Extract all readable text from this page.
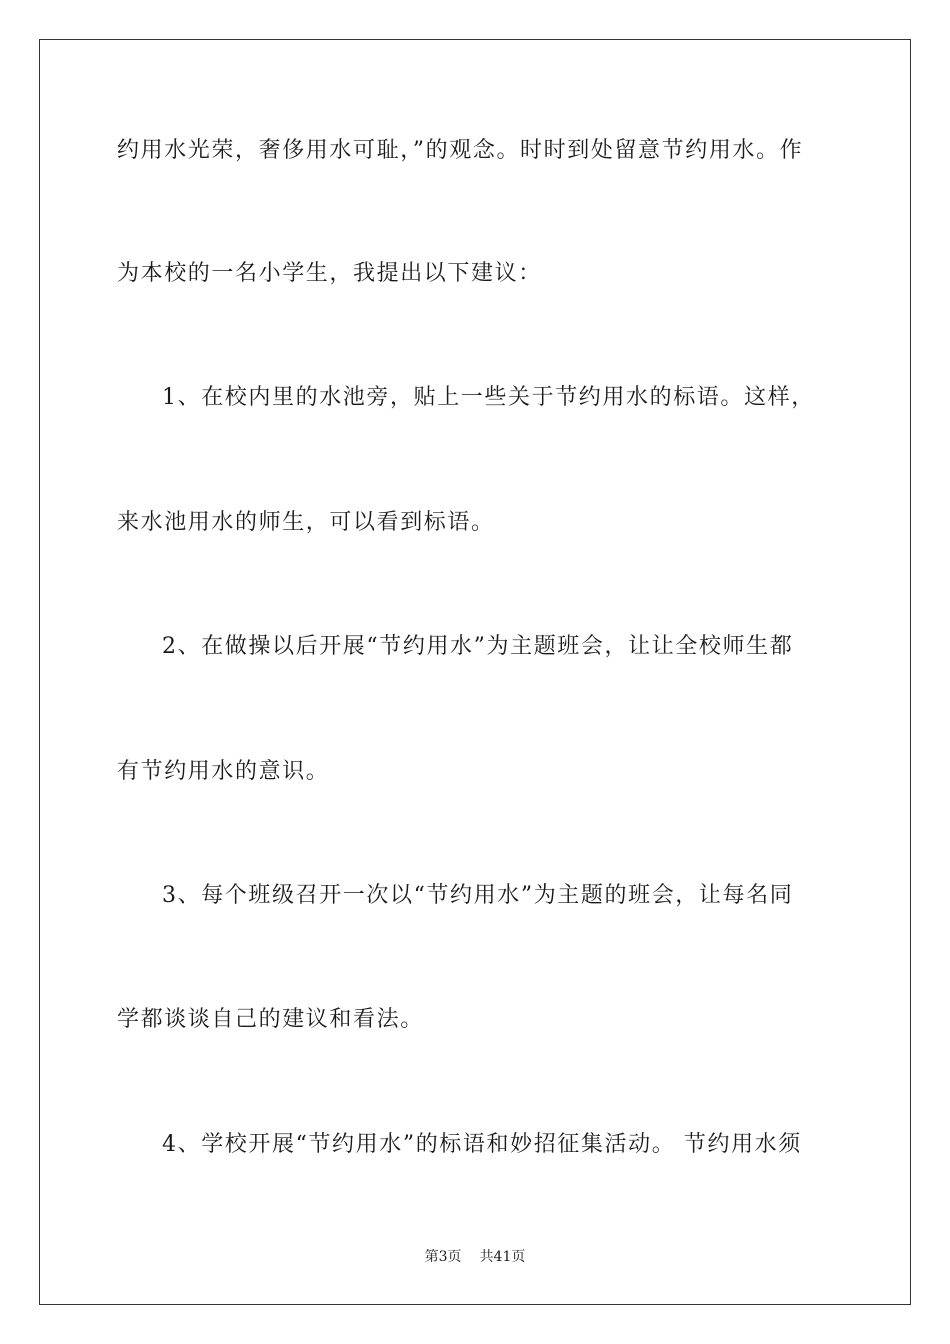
约用水光荣，奢侈用水可耻，”的观念。时时到处留意节约用水。作
为本校的一名小学生，我提出以下建议：
1、在校内里的水池旁，贴上一些关于节约用水的标语。这样，
来水池用水的师生，可以看到标语。
2、在做操以后开展“节约用水”为主题班会，让让全校师生都
有节约用水的意识。
3、每个班级召开一次以“节约用水”为主题的班会，让每名同
学都谈谈自己的建议和看法。
4、学校开展“节约用水”的标语和妙招征集活动。 节约用水须
第3页 共41页
